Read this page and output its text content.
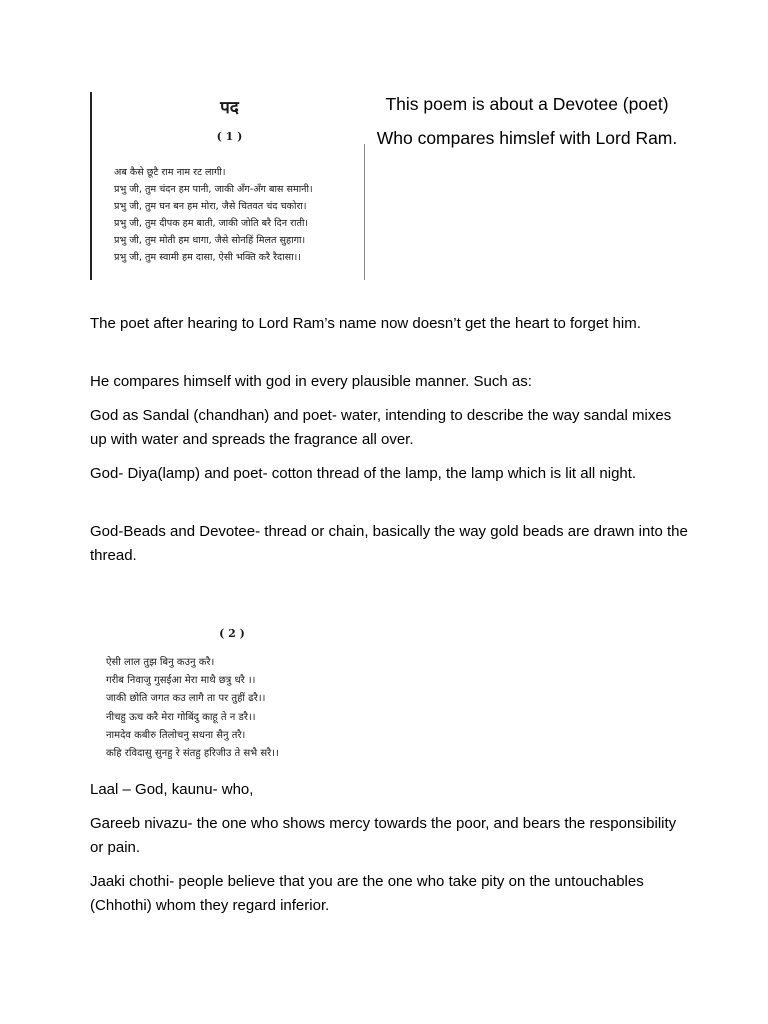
पद
( 1 )
अब कैसे छूटै राम नाम रट लागी।
प्रभु जी, तुम चंदन हम पानी, जाकी अँग-अँग बास समानी।
प्रभु जी, तुम घन बन हम मोरा, जैसे चितवत चंद चकोरा।
प्रभु जी, तुम दीपक हम बाती, जाकी जोति बरै दिन राती।
प्रभु जी, तुम मोती हम धागा, जैसे सोनहिं मिलत सुहागा।
प्रभु जी, तुम स्वामी हम दासा, ऐसी भक्ति करै रैदासा।।

This poem is about a Devotee (poet)

Who compares himslef with Lord Ram.

The poet after hearing to Lord Ram’s name now doesn’t get the heart to forget him.

He compares himself with god in every plausible manner. Such as:

God as Sandal (chandhan) and poet- water, intending to describe the way sandal mixes up with water and spreads the fragrance all over.

God- Diya(lamp) and poet- cotton thread of the lamp, the lamp which is lit all night.

God-Beads and Devotee- thread or chain, basically the way gold beads are drawn into the thread.

( 2 )
ऐसी लाल तुझ बिनु कउनु करै।
गरीब निवाजु गुसईआ मेरा माथै छत्रु धरै ।।
जाकी छोति जगत कउ लागै ता पर तुहीं ढरै।।
नीचहु ऊच करै मेरा गोबिंदु काहू ते न डरै।।
नामदेव कबीरु तिलोचनु सधना सैनु तरै।
कहि रविदासु सुनहु रे संतहु हरिजीउ ते सभै सरै।।

Laal – God, kaunu- who,

Gareeb nivazu- the one who shows mercy towards the poor, and bears the responsibility or pain.

Jaaki chothi- people believe that you are the one who take pity on the untouchables (Chhothi) whom they regard inferior.
